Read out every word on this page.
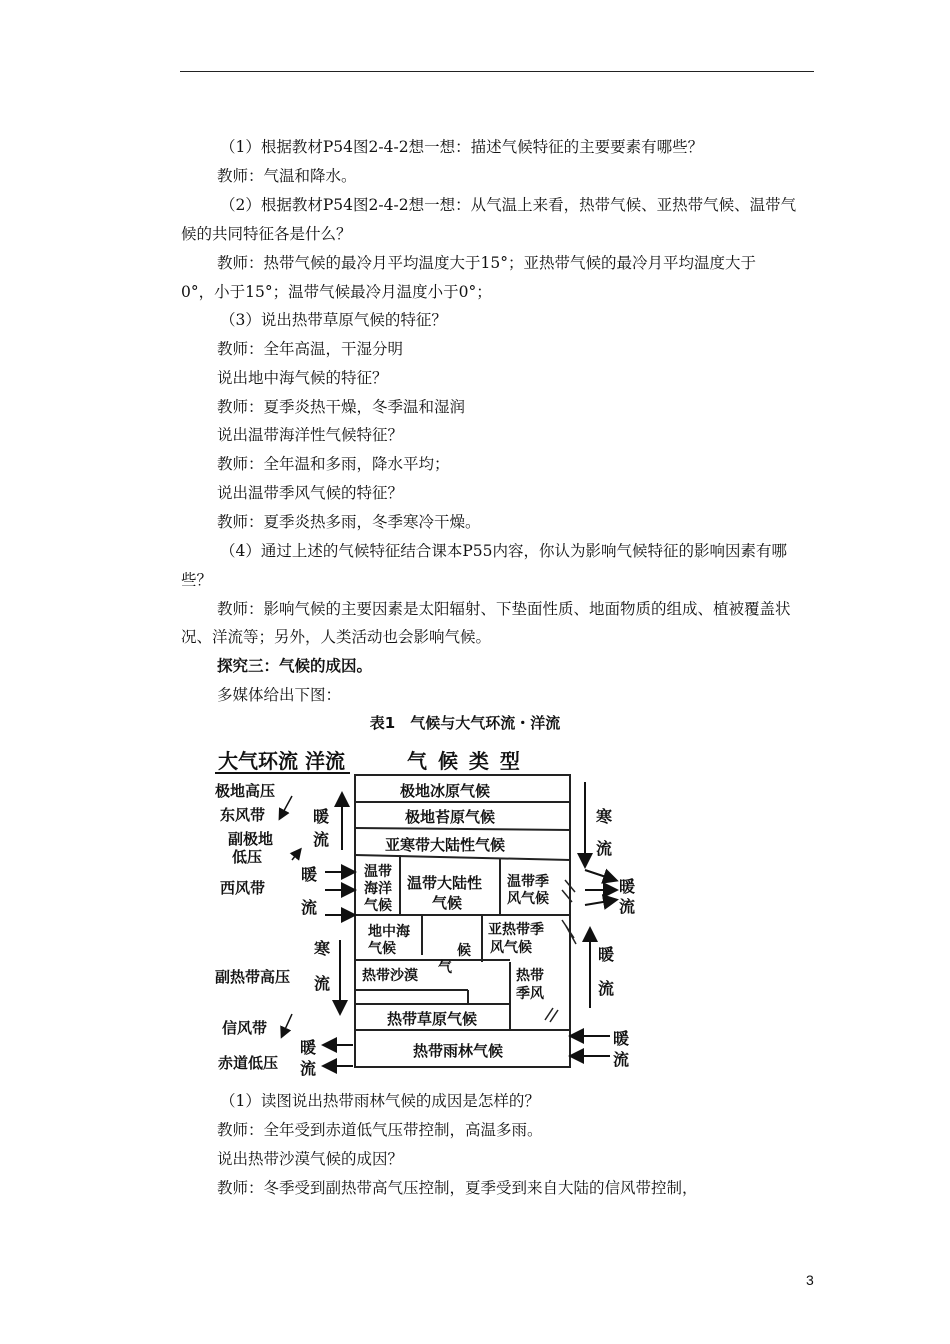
（1）根据教材P54图2-4-2想一想：描述气候特征的主要要素有哪些？
教师：气温和降水。
（2）根据教材P54图2-4-2想一想：从气温上来看，热带气候、亚热带气候、温带气
候的共同特征各是什么？
教师：热带气候的最冷月平均温度大于15°；亚热带气候的最冷月平均温度大于
0°，小于15°；温带气候最冷月温度小于0°；
（3）说出热带草原气候的特征？
教师：全年高温，干湿分明
说出地中海气候的特征？
教师：夏季炎热干燥，冬季温和湿润
说出温带海洋性气候特征？
教师：全年温和多雨，降水平均；
说出温带季风气候的特征？
教师：夏季炎热多雨，冬季寒冷干燥。
（4）通过上述的气候特征结合课本P55内容，你认为影响气候特征的影响因素有哪
些？
教师：影响气候的主要因素是太阳辐射、下垫面性质、地面物质的组成、植被覆盖状
况、洋流等；另外，人类活动也会影响气候。
探究三：气候的成因。
多媒体给出下图：
表1　气候与大气环流・洋流
大气环流 洋流	气 候 类 型
极地冰原气候
极地苔原气候
亚寒带大陆性气候
温带
海洋
气候
温带大陆性
气候
温带季
风气候
地中海
气候	候
气
亚热带季
风气候
热带沙漠	热带
季风
热带草原气候
热带雨林气候
极地高压
东风带
副极地
低压
西风带
副热带高压
信风带
赤道低压
暖
流
暖
流
寒
流
暖
流
寒
流
暖
流
暖
流
暖
流
（1）读图说出热带雨林气候的成因是怎样的？
教师：全年受到赤道低气压带控制，高温多雨。
说出热带沙漠气候的成因？
教师：冬季受到副热带高气压控制，夏季受到来自大陆的信风带控制，
3
